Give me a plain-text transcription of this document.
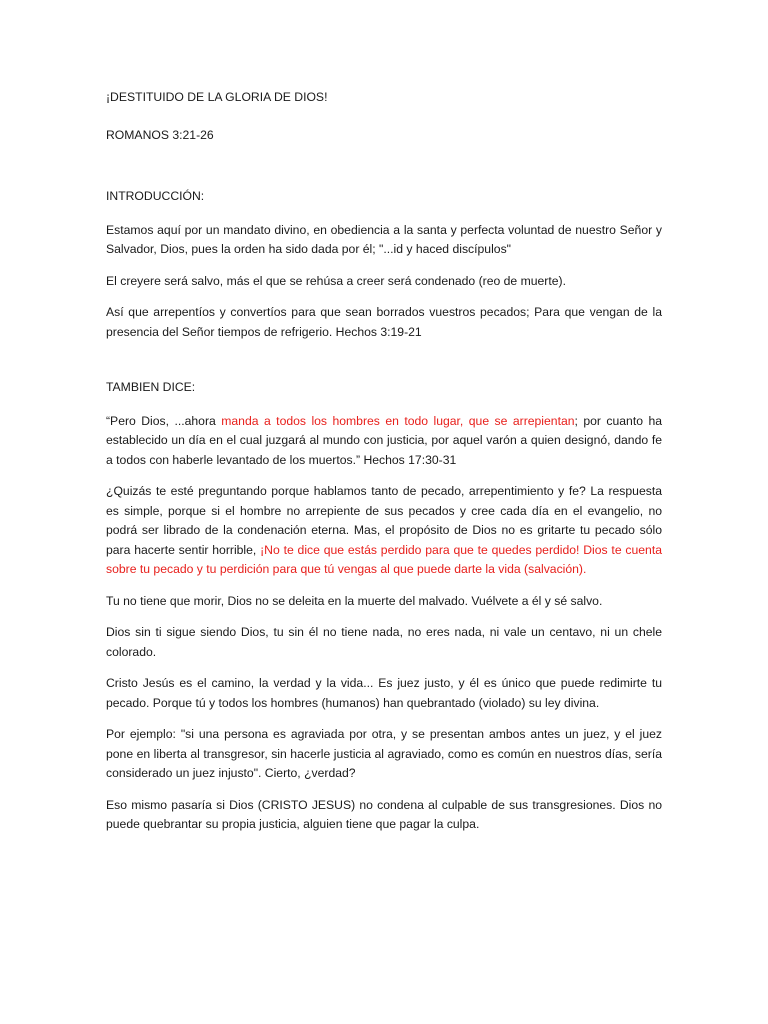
¡DESTITUIDO DE LA GLORIA DE DIOS!

ROMANOS 3:21-26

INTRODUCCIÓN:

Estamos aquí por un mandato divino, en obediencia a la santa y perfecta voluntad de nuestro Señor y Salvador, Dios, pues la orden ha sido dada por él; "...id y haced discípulos"

El creyere será salvo, más el que se rehúsa a creer será condenado (reo de muerte).

Así que arrepentíos y convertíos para que sean borrados vuestros pecados; Para que vengan de la presencia del Señor tiempos de refrigerio. Hechos 3:19-21

TAMBIEN DICE:

“Pero Dios, ...ahora manda a todos los hombres en todo lugar, que se arrepientan; por cuanto ha establecido un día en el cual juzgará al mundo con justicia, por aquel varón a quien designó, dando fe a todos con haberle levantado de los muertos.” Hechos 17:30-31

¿Quizás te esté preguntando porque hablamos tanto de pecado, arrepentimiento y fe? La respuesta es simple, porque si el hombre no arrepiente de sus pecados y cree cada día en el evangelio, no podrá ser librado de la condenación eterna. Mas, el propósito de Dios no es gritarte tu pecado sólo para hacerte sentir horrible, ¡No te dice que estás perdido para que te quedes perdido! Dios te cuenta sobre tu pecado y tu perdición para que tú vengas al que puede darte la vida (salvación).

Tu no tiene que morir, Dios no se deleita en la muerte del malvado. Vuélvete a él y sé salvo.

Dios sin ti sigue siendo Dios, tu sin él no tiene nada, no eres nada, ni vale un centavo, ni un chele colorado.

Cristo Jesús es el camino, la verdad y la vida... Es juez justo, y él es único que puede redimirte tu pecado. Porque tú y todos los hombres (humanos) han quebrantado (violado) su ley divina.

Por ejemplo: "si una persona es agraviada por otra, y se presentan ambos antes un juez, y el juez pone en liberta al transgresor, sin hacerle justicia al agraviado, como es común en nuestros días, sería considerado un juez injusto". Cierto, ¿verdad?

Eso mismo pasaría si Dios (CRISTO JESUS) no condena al culpable de sus transgresiones. Dios no puede quebrantar su propia justicia, alguien tiene que pagar la culpa.
